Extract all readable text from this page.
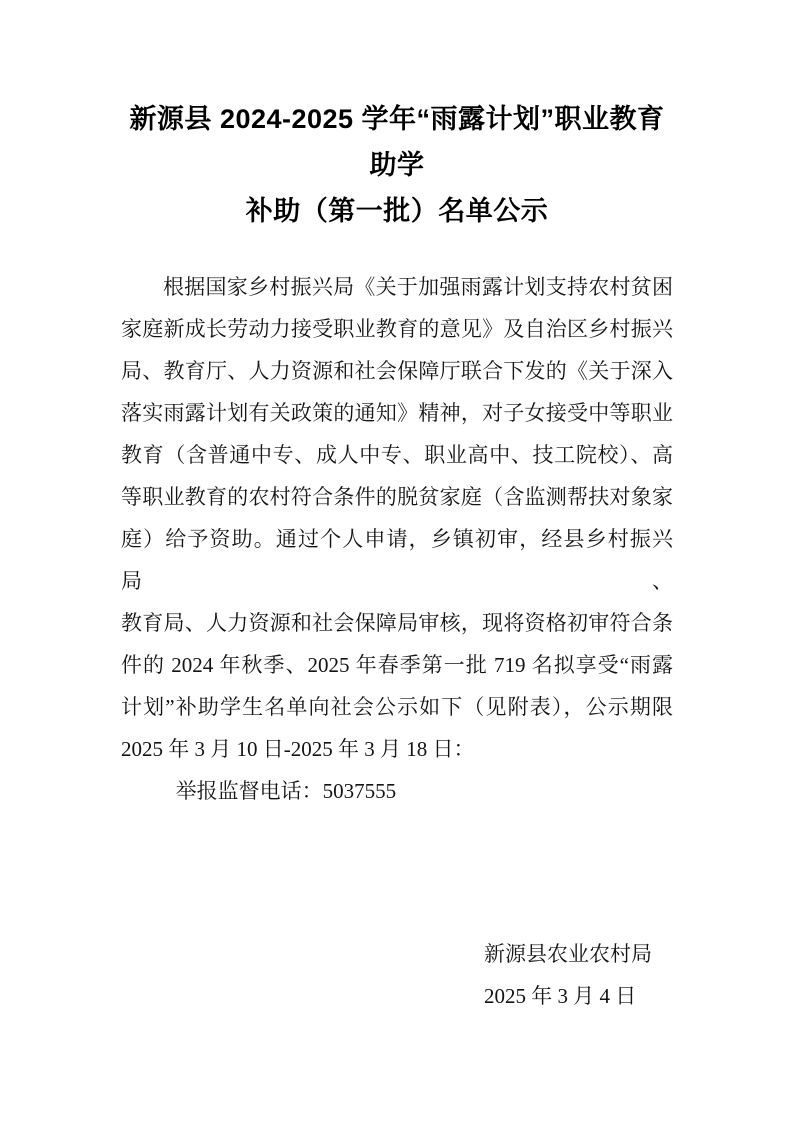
新源县 2024-2025 学年“雨露计划”职业教育助学
补助（第一批）名单公示
根据国家乡村振兴局《关于加强雨露计划支持农村贫困
家庭新成长劳动力接受职业教育的意见》及自治区乡村振兴
局、教育厅、人力资源和社会保障厅联合下发的《关于深入
落实雨露计划有关政策的通知》精神，对子女接受中等职业
教育（含普通中专、成人中专、职业高中、技工院校）、高
等职业教育的农村符合条件的脱贫家庭（含监测帮扶对象家
庭）给予资助。通过个人申请，乡镇初审，经县乡村振兴局、
教育局、人力资源和社会保障局审核，现将资格初审符合条
件的 2024 年秋季、2025 年春季第一批 719 名拟享受“雨露
计划”补助学生名单向社会公示如下（见附表），公示期限
2025 年 3 月 10 日-2025 年 3 月 18 日：
举报监督电话：5037555
新源县农业农村局
2025 年 3 月 4 日
